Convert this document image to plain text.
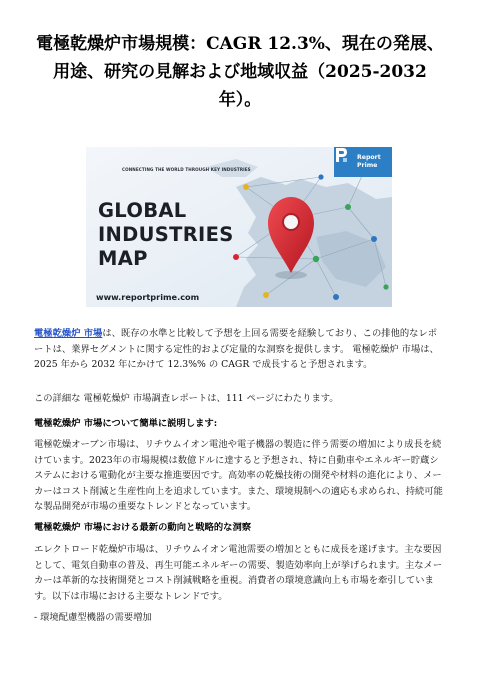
電極乾燥炉市場規模：CAGR 12.3%、現在の発展、用途、研究の見解および地域収益（2025-2032年）。
CONNECTING THE WORLD THROUGH KEY INDUSTRIES
GLOBAL
INDUSTRIES
MAP
www.reportprime.com
Report
Prime
電極乾燥炉 市場は、既存の水準と比較して予想を上回る需要を経験しており、この排他的なレポートは、業界セグメントに関する定性的および定量的な洞察を提供します。 電極乾燥炉 市場は、2025 年から 2032 年にかけて 12.3%% の CAGR で成長すると予想されます。
この詳細な 電極乾燥炉 市場調査レポートは、111 ページにわたります。
電極乾燥炉 市場について簡単に説明します:
電極乾燥オーブン市場は、リチウムイオン電池や電子機器の製造に伴う需要の増加により成長を続けています。2023年の市場規模は数億ドルに達すると予想され、特に自動車やエネルギー貯蔵システムにおける電動化が主要な推進要因です。高効率の乾燥技術の開発や材料の進化により、メーカーはコスト削減と生産性向上を追求しています。また、環境規制への適応も求められ、持続可能な製品開発が市場の重要なトレンドとなっています。
電極乾燥炉 市場における最新の動向と戦略的な洞察
エレクトロード乾燥炉市場は、リチウムイオン電池需要の増加とともに成長を遂げます。主な要因として、電気自動車の普及、再生可能エネルギーの需要、製造効率向上が挙げられます。主なメーカーは革新的な技術開発とコスト削減戦略を重視。消費者の環境意識向上も市場を牽引しています。以下は市場における主要なトレンドです。
- 環境配慮型機器の需要増加
